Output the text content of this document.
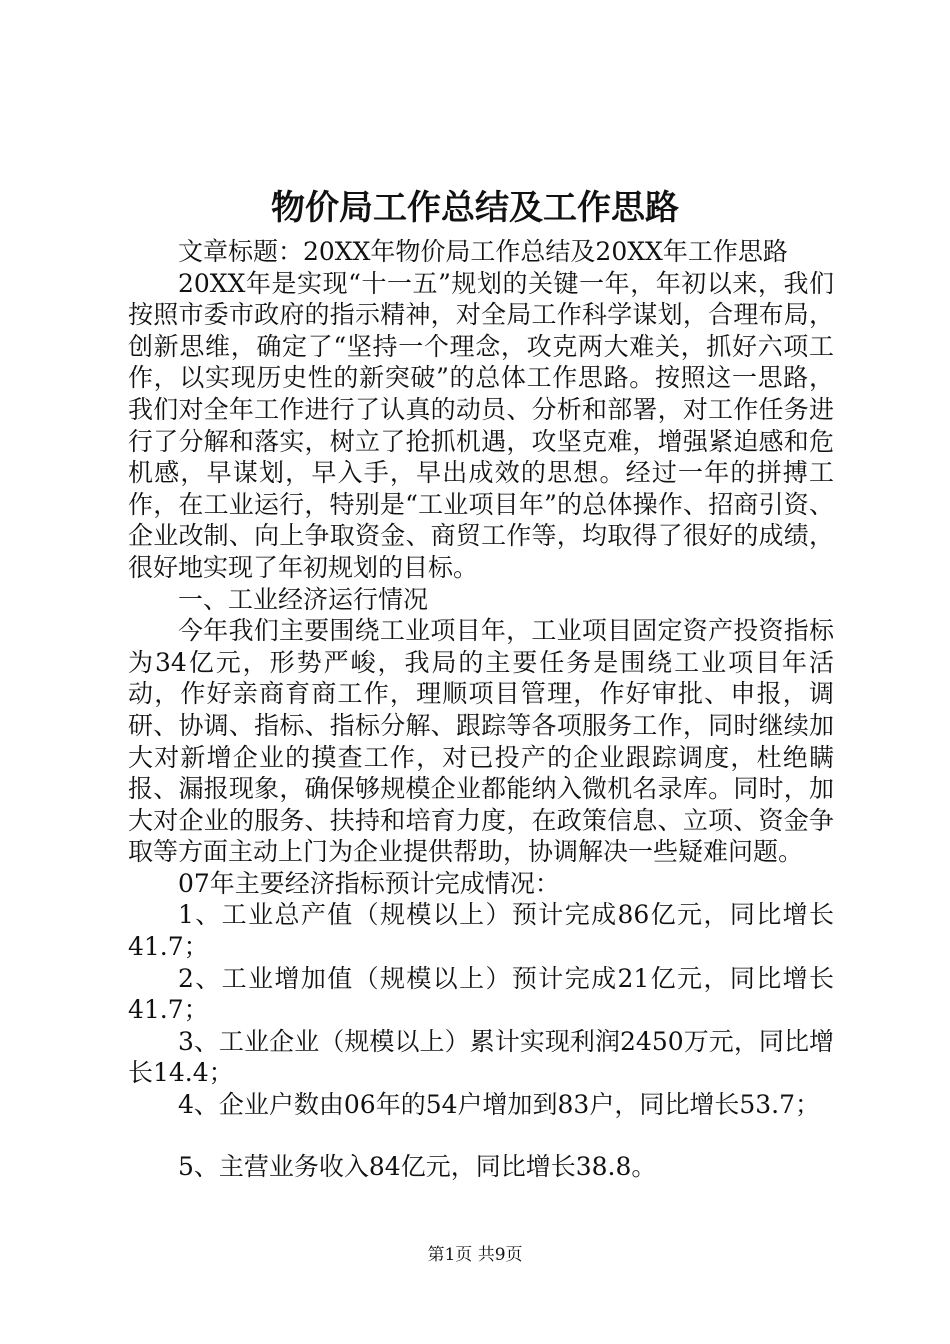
物价局工作总结及工作思路

文章标题：20XX年物价局工作总结及20XX年工作思路

20XX年是实现“十一五”规划的关键一年，年初以来，我们按照市委市政府的指示精神，对全局工作科学谋划，合理布局，创新思维，确定了“坚持一个理念，攻克两大难关，抓好六项工作，以实现历史性的新突破”的总体工作思路。按照这一思路，我们对全年工作进行了认真的动员、分析和部署，对工作任务进行了分解和落实，树立了抢抓机遇，攻坚克难，增强紧迫感和危机感，早谋划，早入手，早出成效的思想。经过一年的拼搏工作，在工业运行，特别是“工业项目年”的总体操作、招商引资、企业改制、向上争取资金、商贸工作等，均取得了很好的成绩，很好地实现了年初规划的目标。

一、工业经济运行情况

今年我们主要围绕工业项目年，工业项目固定资产投资指标为34亿元，形势严峻，我局的主要任务是围绕工业项目年活动，作好亲商育商工作，理顺项目管理，作好审批、申报，调研、协调、指标、指标分解、跟踪等各项服务工作，同时继续加大对新增企业的摸查工作，对已投产的企业跟踪调度，杜绝瞒报、漏报现象，确保够规模企业都能纳入微机名录库。同时，加大对企业的服务、扶持和培育力度，在政策信息、立项、资金争取等方面主动上门为企业提供帮助，协调解决一些疑难问题。

07年主要经济指标预计完成情况：

1、工业总产值（规模以上）预计完成86亿元，同比增长41.7；

2、工业增加值（规模以上）预计完成21亿元，同比增长41.7；

3、工业企业（规模以上）累计实现利润2450万元，同比增长14.4；

4、企业户数由06年的54户增加到83户，同比增长53.7；

5、主营业务收入84亿元，同比增长38.8。

第1页 共9页
